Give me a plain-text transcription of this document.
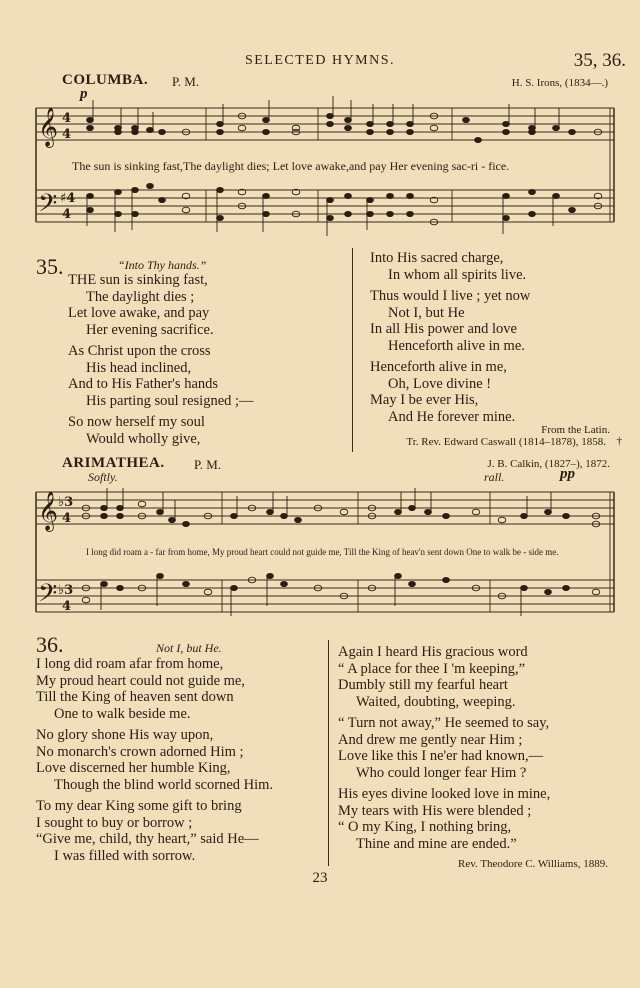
SELECTED HYMNS.	35, 36.
COLUMBA. P. M.	H. S. Irons, (1834—.)
p
𝄞
𝄢
4
4
♯4
4
The sun is sinking fast,The daylight dies; Let love awake,and pay Her evening sac-ri - fice.
35.	“Into Thy hands.”
THE sun is sinking fast,
The daylight dies ;
Let love awake, and pay
Her evening sacrifice.
As Christ upon the cross
His head inclined,
And to His Father's hands
His parting soul resigned ;—
So now herself my soul
Would wholly give,
Into His sacred charge,
In whom all spirits live.
Thus would I live ; yet now
Not I, but He
In all His power and love
Henceforth alive in me.
Henceforth alive in me,
Oh, Love divine !
May I be ever His,
And He forever mine.
From the Latin.
Tr. Rev. Edward Caswall (1814–1878), 1858. †
ARIMATHEA. P. M.	J. B. Calkin, (1827–), 1872.
Softly.	rall.	pp
𝄞
𝄢
♭3
4
♭3
4
I long did roam a - far from home, My proud heart could not guide me, Till the King of heav'n sent down One to walk be - side me.
36.	Not I, but He.
I long did roam afar from home,
My proud heart could not guide me,
Till the King of heaven sent down
One to walk beside me.
No glory shone His way upon,
No monarch's crown adorned Him ;
Love discerned her humble King,
Though the blind world scorned Him.
To my dear King some gift to bring
I sought to buy or borrow ;
“Give me, child, thy heart,” said He—
I was filled with sorrow.
Again I heard His gracious word
“ A place for thee I 'm keeping,”
Dumbly still my fearful heart
Waited, doubting, weeping.
“ Turn not away,” He seemed to say,
And drew me gently near Him ;
Love like this I ne'er had known,—
Who could longer fear Him ?
His eyes divine looked love in mine,
My tears with His were blended ;
“ O my King, I nothing bring,
Thine and mine are ended.”
Rev. Theodore C. Williams, 1889.
23
